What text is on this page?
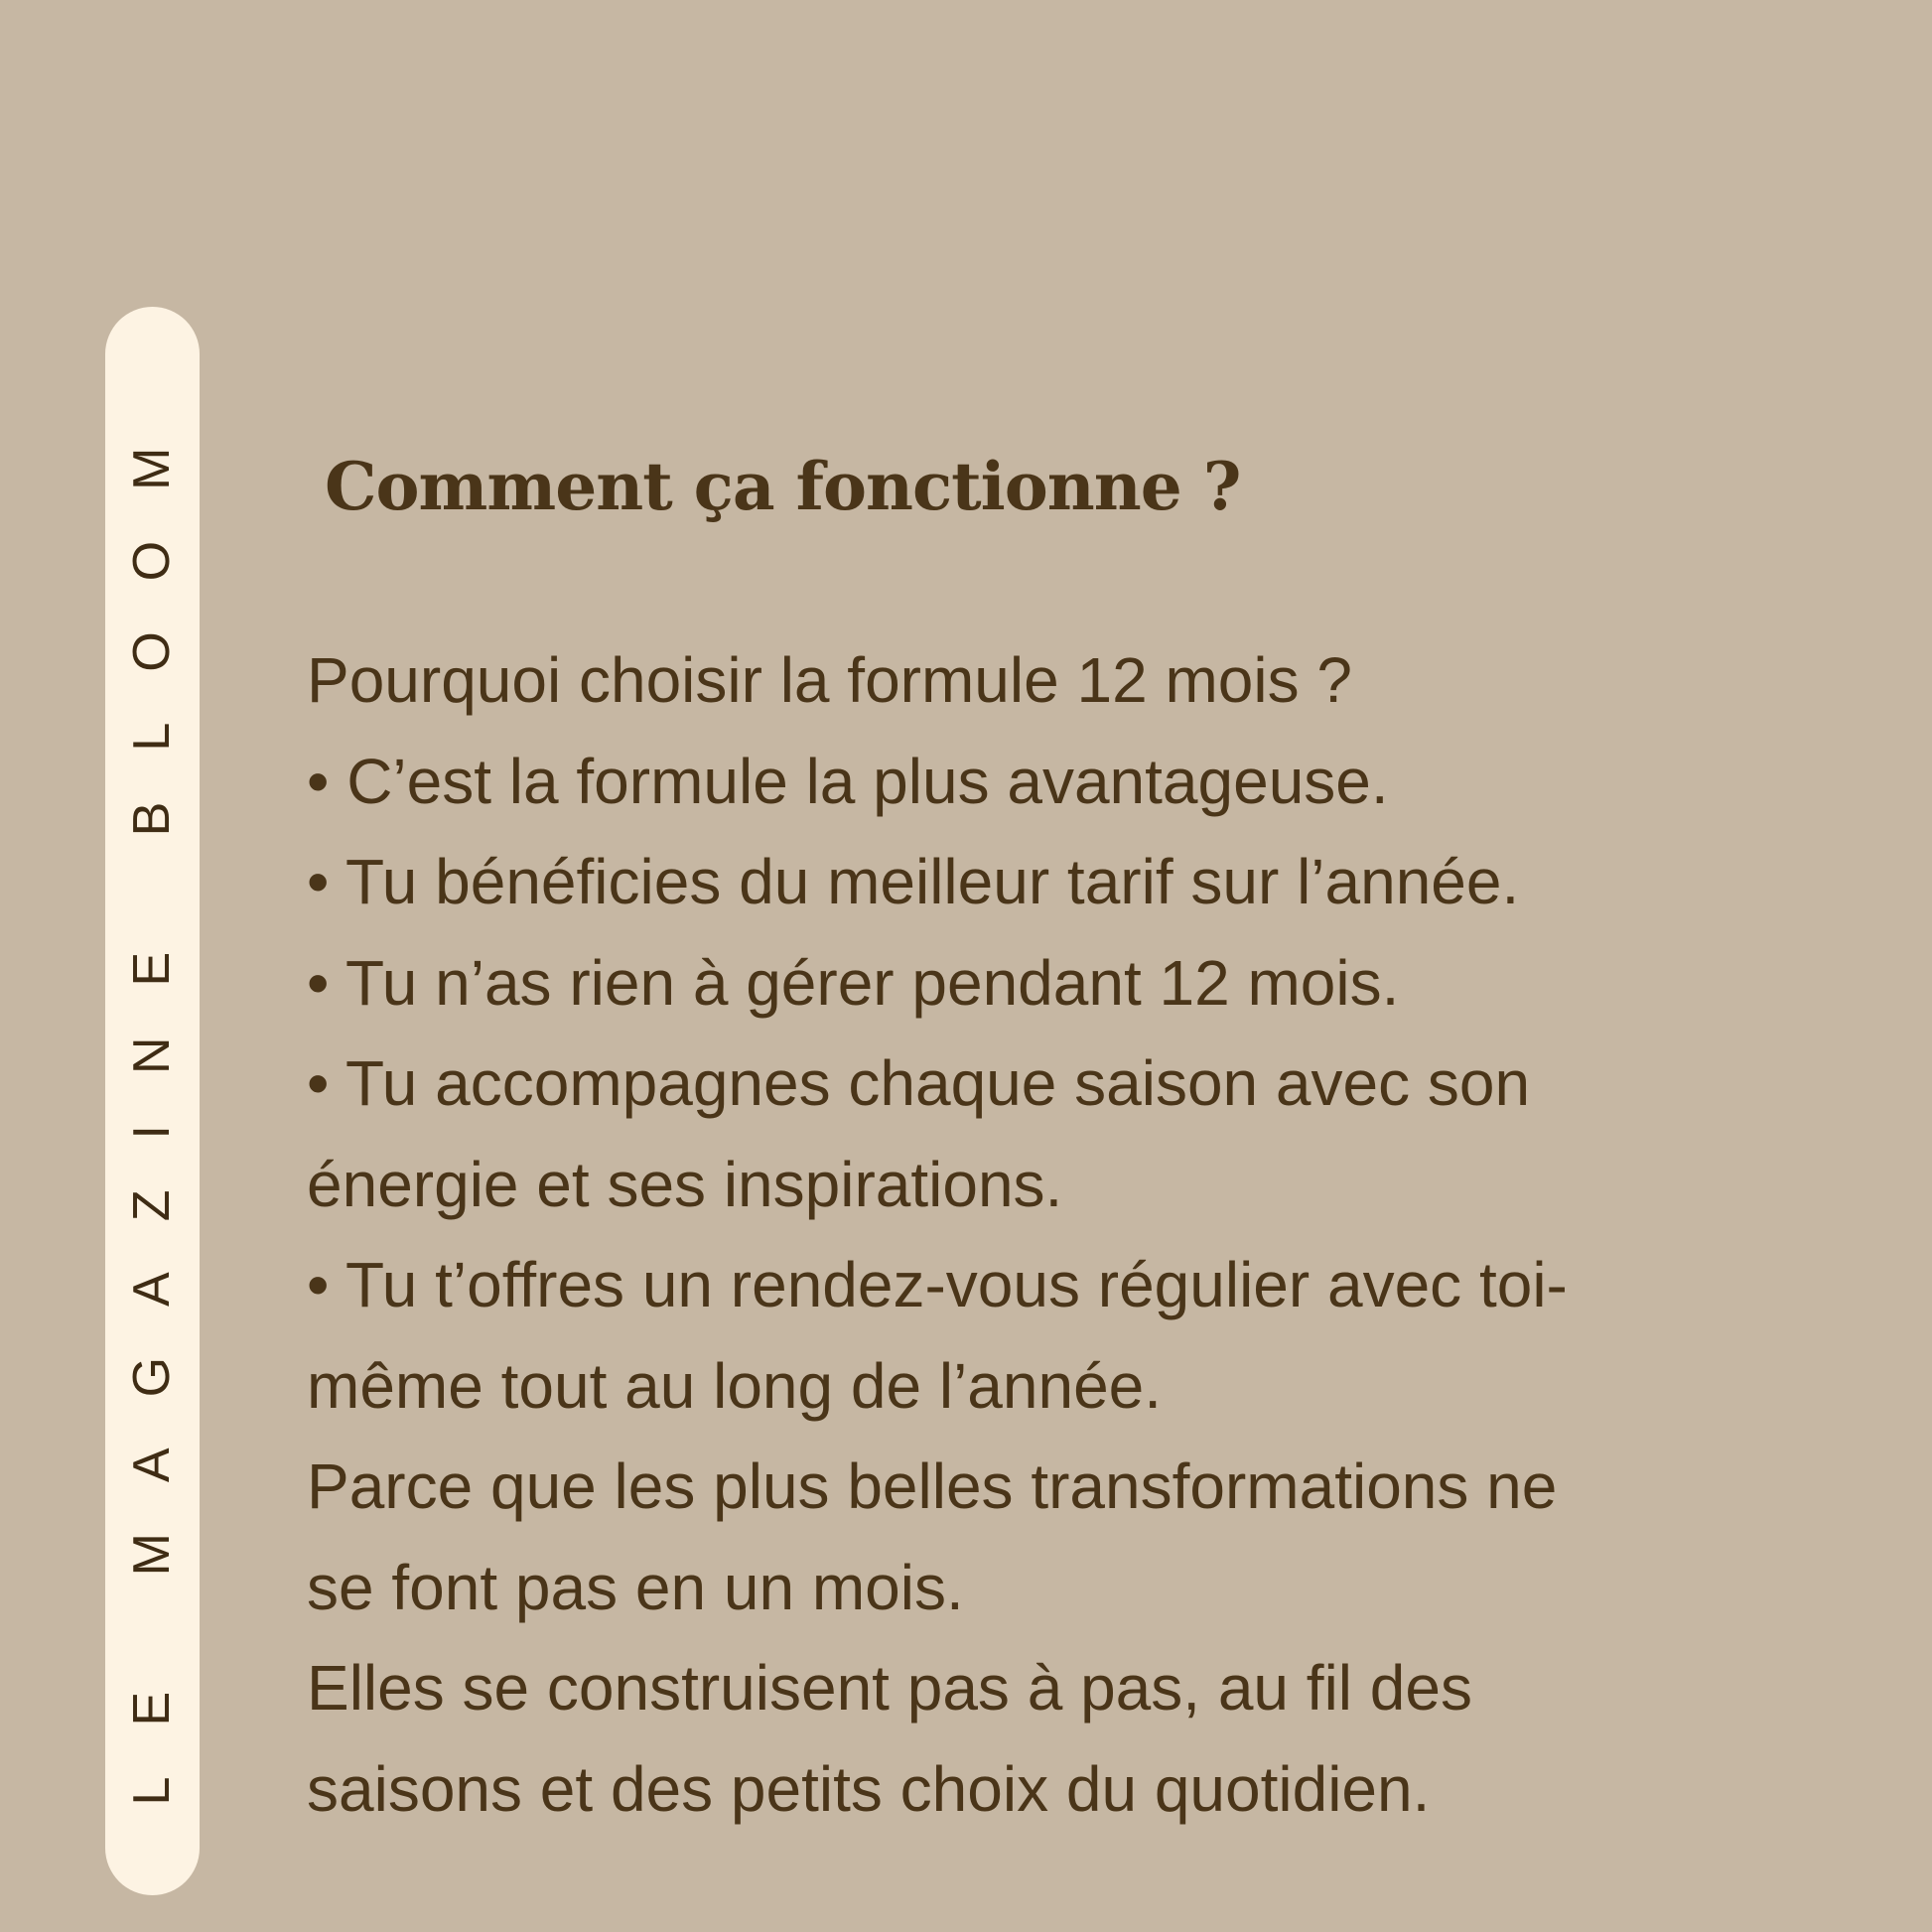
LE MAGAZINE BLOOM Comment ça fonctionne ?
Pourquoi choisir la formule 12 mois ?
• C’est la formule la plus avantageuse.
• Tu bénéficies du meilleur tarif sur l’année.
• Tu n’as rien à gérer pendant 12 mois.
• Tu accompagnes chaque saison avec son
énergie et ses inspirations.
• Tu t’offres un rendez-vous régulier avec toi-
même tout au long de l’année.
Parce que les plus belles transformations ne
se font pas en un mois.
Elles se construisent pas à pas, au fil des
saisons et des petits choix du quotidien.
